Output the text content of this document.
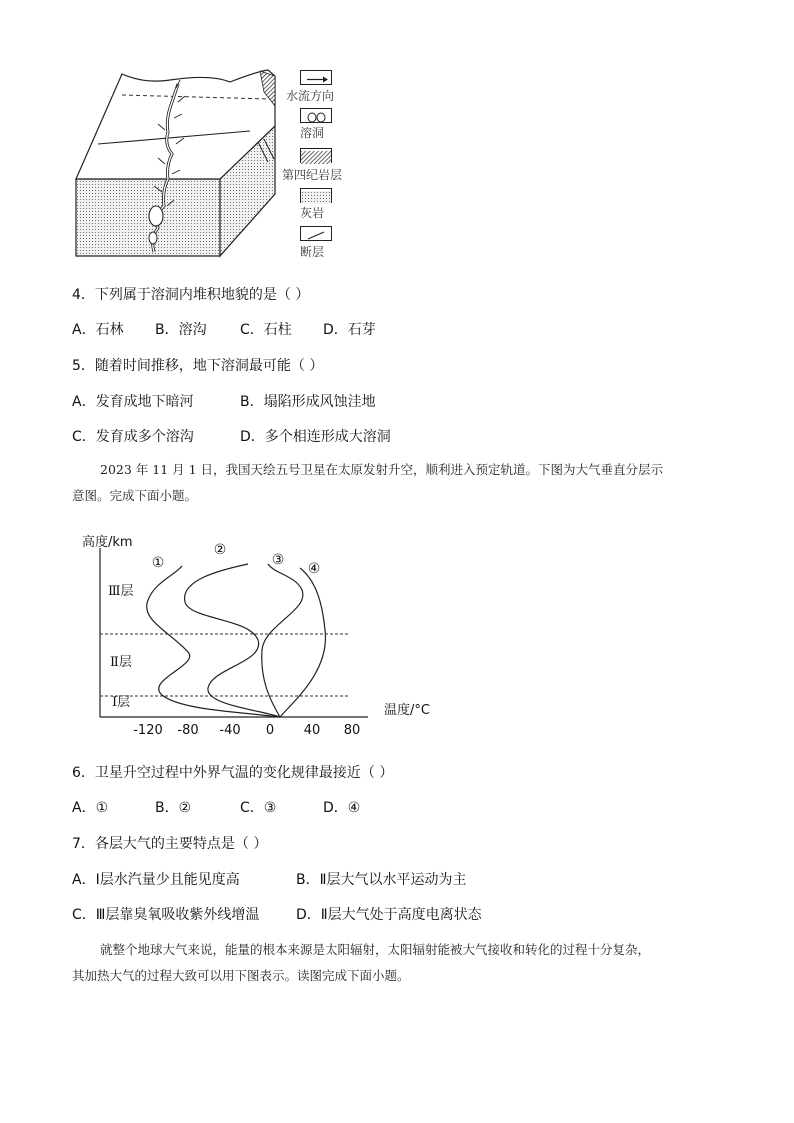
水流方向
溶洞
第四纪岩层
灰岩
断层
4．下列属于溶洞内堆积地貌的是（ ）
A．石林 B．溶沟 C．石柱 D．石芽
5．随着时间推移，地下溶洞最可能（ ）
A．发育成地下暗河	B．塌陷形成风蚀洼地
C．发育成多个溶沟	D．多个相连形成大溶洞
2023 年 11 月 1 日，我国天绘五号卫星在太原发射升空，顺利进入预定轨道。下图为大气垂直分层示
意图。完成下面小题。
高度/km
温度/°C
-120 -80 -40 0 40 80
Ⅲ层
Ⅱ层
Ⅰ层
①
②
③
④
6．卫星升空过程中外界气温的变化规律最接近（ ）
A．①	B．②	C．③	D．④
7．各层大气的主要特点是（ ）
A．Ⅰ层水汽量少且能见度高	B．Ⅱ层大气以水平运动为主
C．Ⅲ层靠臭氧吸收紫外线增温	D．Ⅱ层大气处于高度电离状态
就整个地球大气来说，能量的根本来源是太阳辐射，太阳辐射能被大气接收和转化的过程十分复杂，
其加热大气的过程大致可以用下图表示。读图完成下面小题。
